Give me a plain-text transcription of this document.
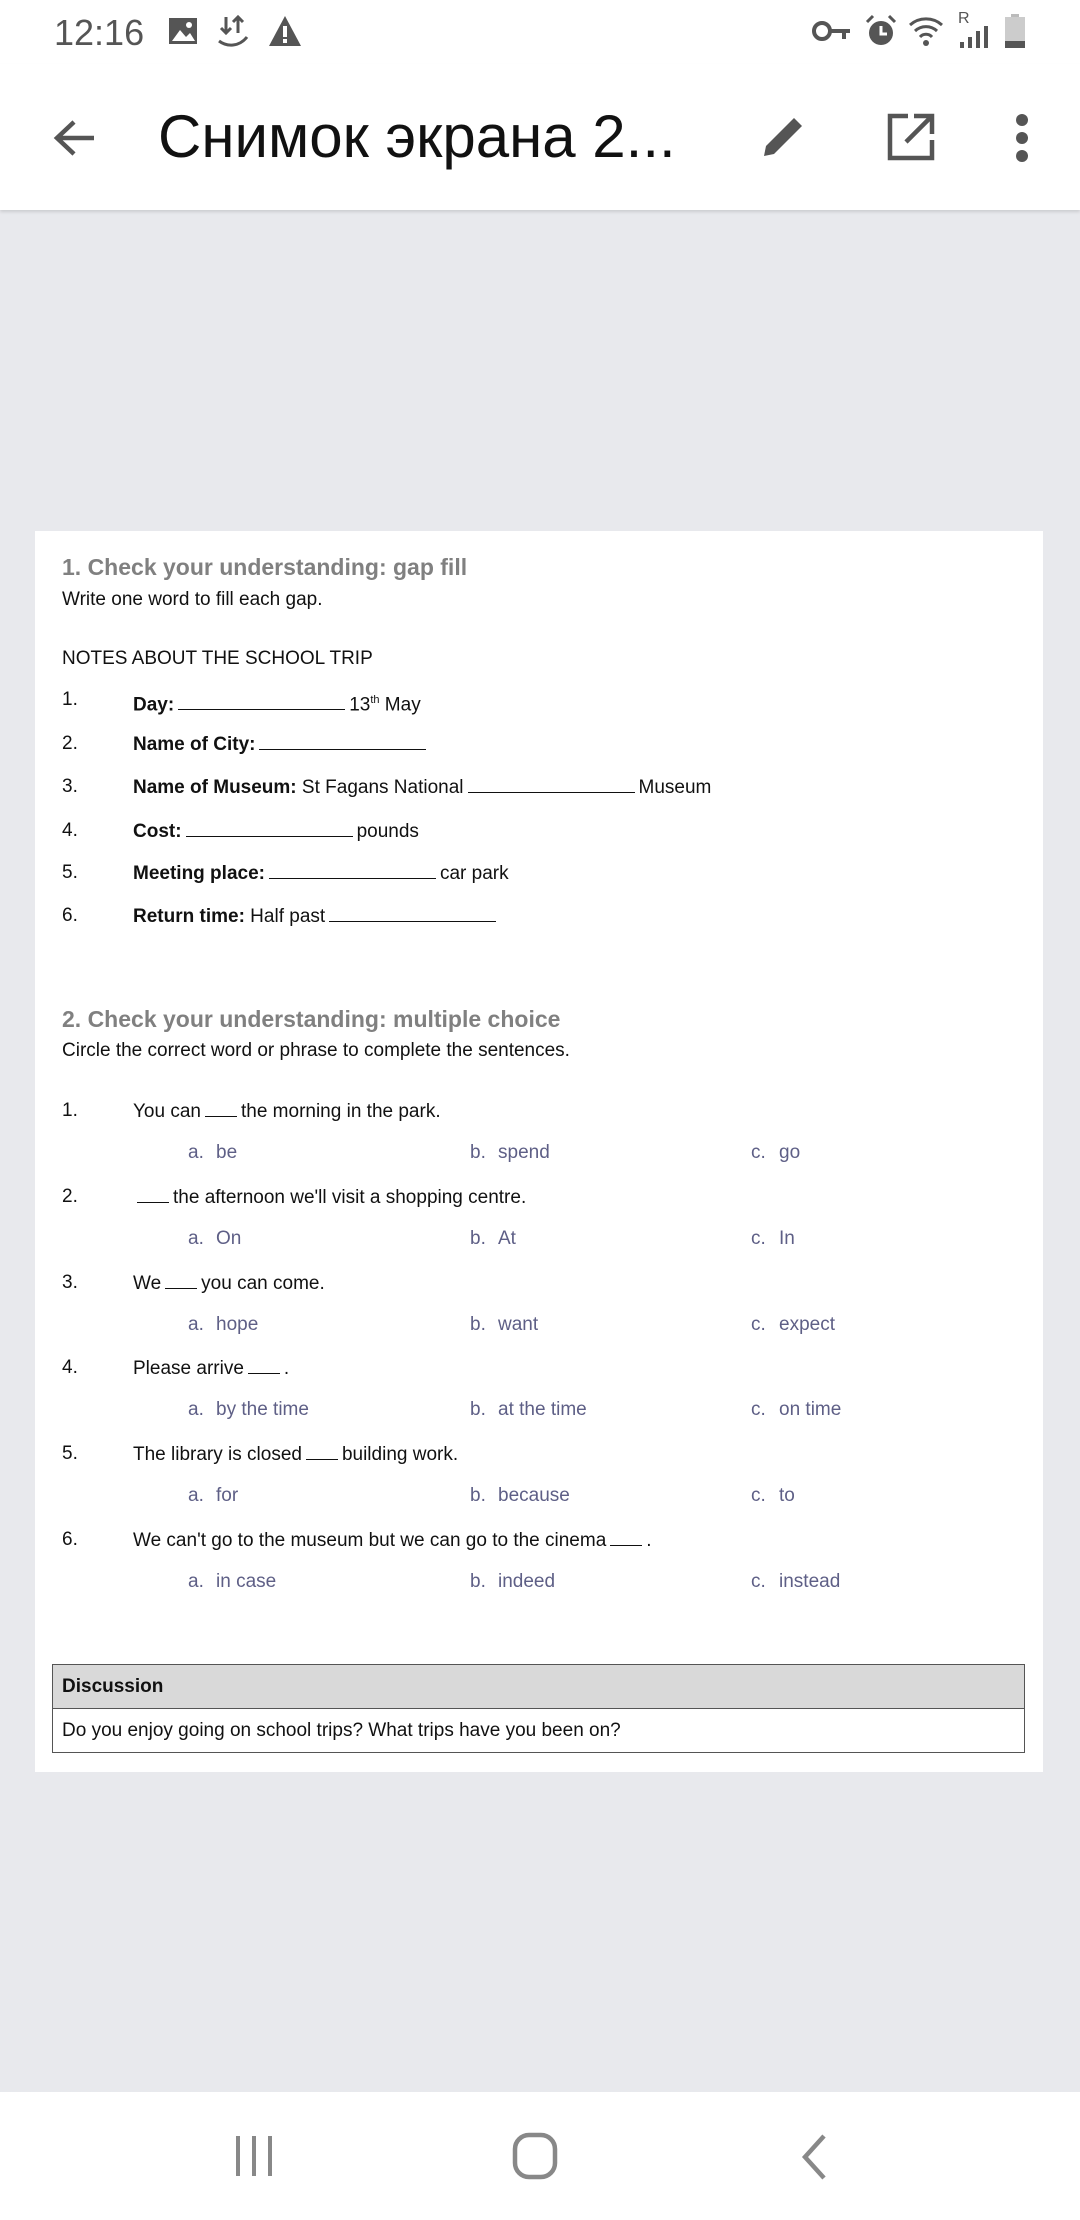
12:16	R
Снимок экрана 2...
1. Check your understanding: gap fill
Write one word to fill each gap.
NOTES ABOUT THE SCHOOL TRIP
1.	Day:	13th May
2.	Name of City:
3.	Name of Museum: St Fagans National	Museum
4.	Cost:	pounds
5.	Meeting place:	car park
6.	Return time: Half past
2. Check your understanding: multiple choice
Circle the correct word or phrase to complete the sentences.
1.	You can the morning in the park.
a. be	b. spend	c. go
2.	the afternoon we'll visit a shopping centre.
a. On	b. At	c. In
3.	We you can come.
a. hope	b. want	c. expect
4.	Please arrive .
a. by the time	b. at the time	c. on time
5.	The library is closed building work.
a. for	b. because	c. to
6.	We can't go to the museum but we can go to the cinema .
a. in case	b. indeed	c. instead
Discussion
Do you enjoy going on school trips? What trips have you been on?
